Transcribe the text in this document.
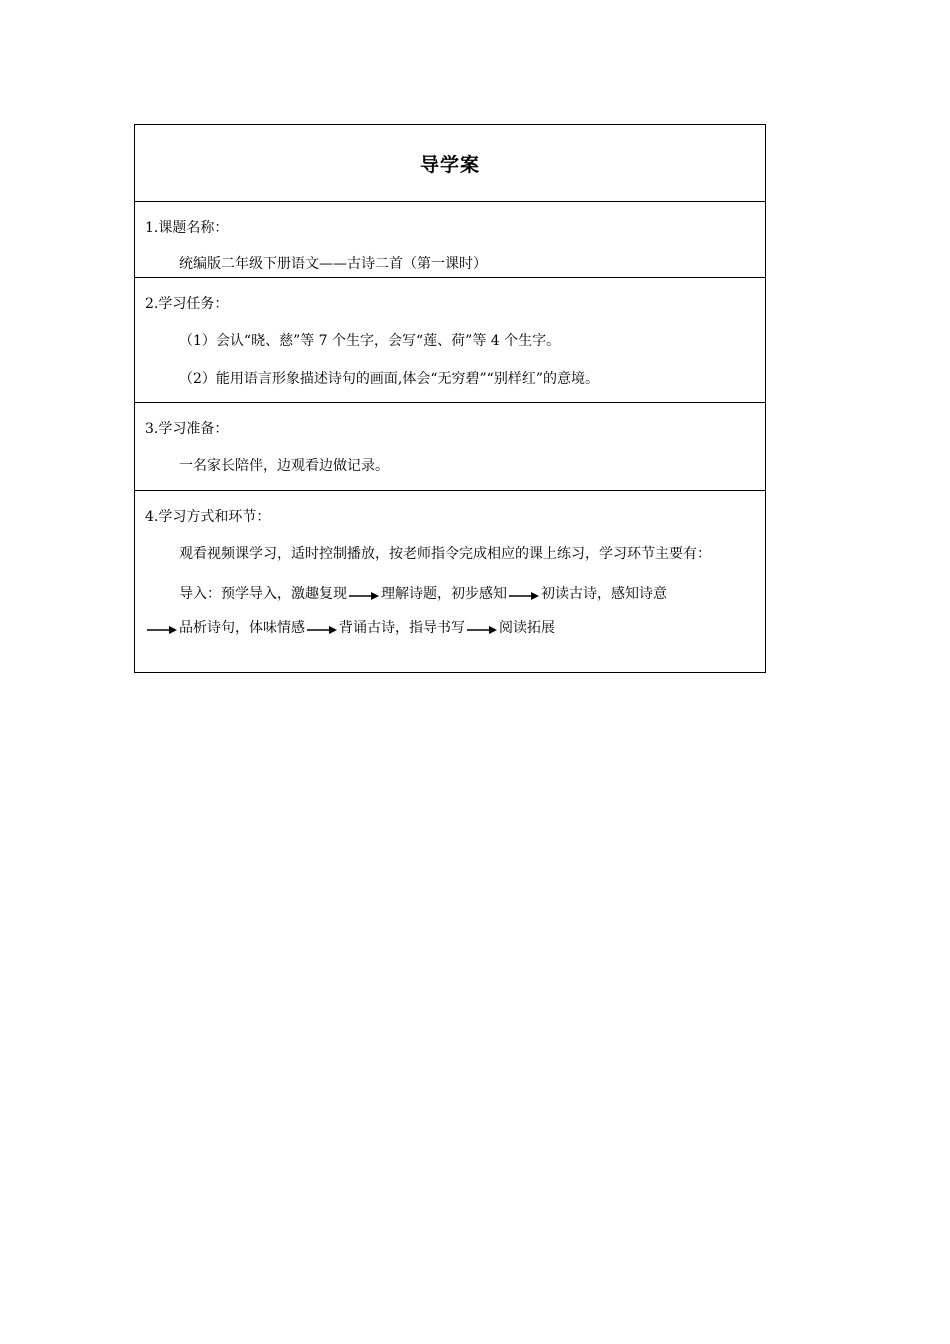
导学案
1.课题名称：
统编版二年级下册语文——古诗二首（第一课时）
2.学习任务：
（1）会认“晓、慈”等 7 个生字，会写“莲、荷”等 4 个生字。
（2）能用语言形象描述诗句的画面,体会“无穷碧”“别样红”的意境。
3.学习准备：
一名家长陪伴，边观看边做记录。
4.学习方式和环节：
观看视频课学习，适时控制播放，按老师指令完成相应的课上练习，学习环节主要有：
导入：预学导入，激趣复现 理解诗题，初步感知 初读古诗，感知诗意

品析诗句，体味情感 背诵古诗，指导书写 阅读拓展
